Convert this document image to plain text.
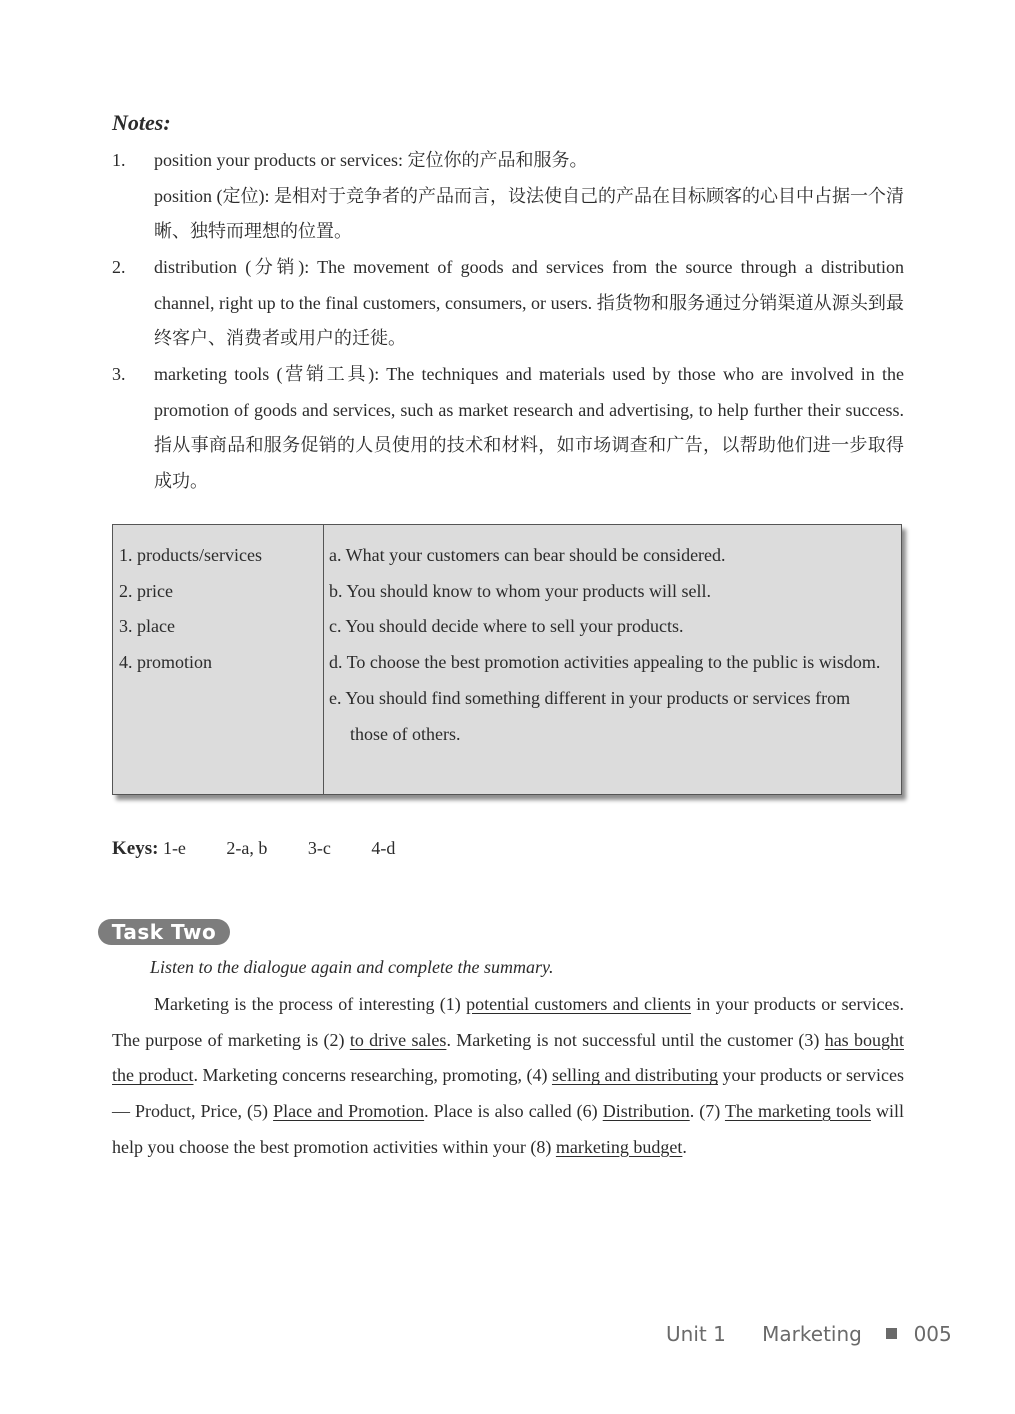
Notes:
1. position your products or services: 定位你的产品和服务。

position (定位): 是相对于竞争者的产品而言，设法使自己的产品在目标顾客的心目中占据一个清晰、独特而理想的位置。

2. distribution (分销): The movement of goods and services from the source through a distribution channel, right up to the final customers, consumers, or users. 指货物和服务通过分销渠道从源头到最终客户、消费者或用户的迁徙。

3. marketing tools (营销工具): The techniques and materials used by those who are involved in the promotion of goods and services, such as market research and advertising, to help further their success. 指从事商品和服务促销的人员使用的技术和材料，如市场调查和广告，以帮助他们进一步取得成功。

1. products/services
2. price
3. place
4. promotion
a. What your customers can bear should be considered.
b. You should know to whom your products will sell.
c. You should decide where to sell your products.
d. To choose the best promotion activities appealing to the public is wisdom.
e. You should find something different in your products or services from those of others.
Keys: 1-e 2-a, b 3-c 4-d
Task Two
Listen to the dialogue again and complete the summary.
Marketing is the process of interesting (1) potential customers and clients in your products or services. The purpose of marketing is (2) to drive sales. Marketing is not successful until the customer (3) has bought the product. Marketing concerns researching, promoting, (4) selling and distributing your products or services — Product, Price, (5) Place and Promotion. Place is also called (6) Distribution. (7) The marketing tools will help you choose the best promotion activities within your (8) marketing budget.
Unit 1 Marketing	005
